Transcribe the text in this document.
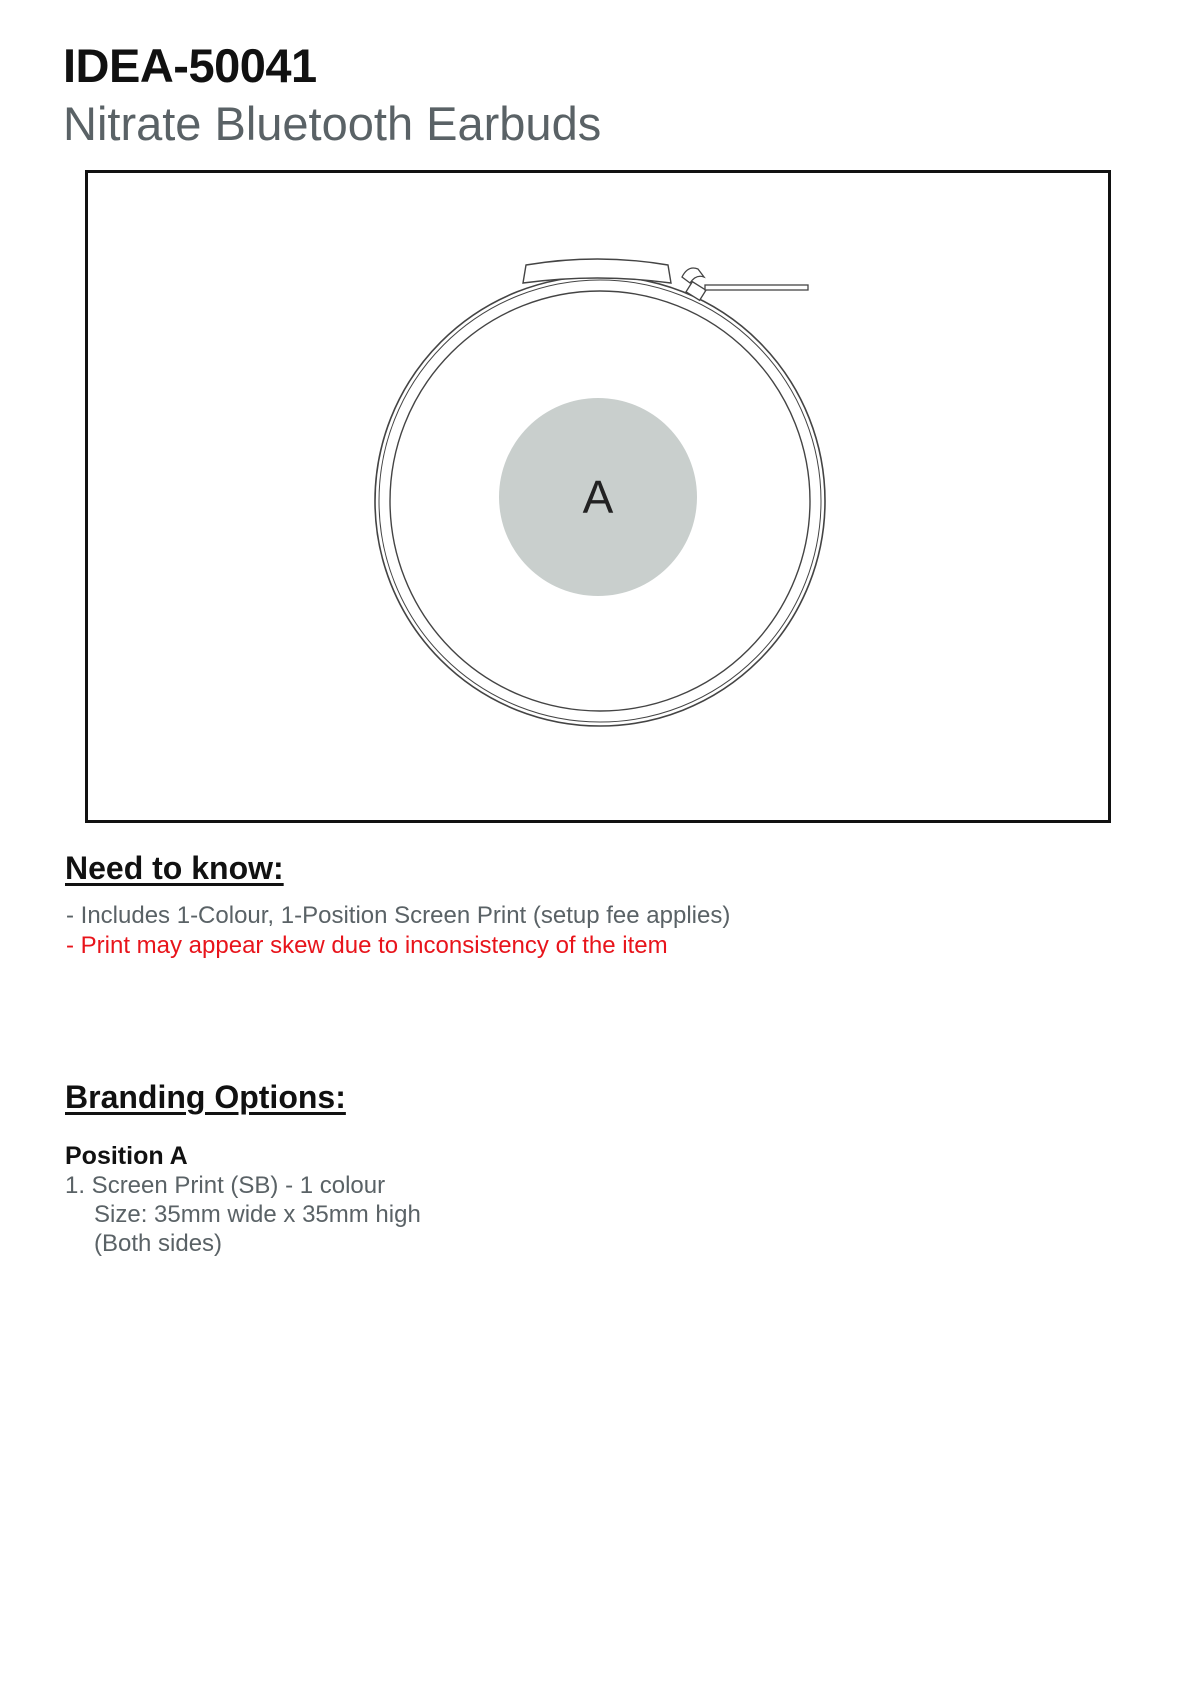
IDEA-50041
Nitrate Bluetooth Earbuds
A
Need to know:

- Includes 1-Colour, 1-Position Screen Print (setup fee applies)

- Print may appear skew due to inconsistency of the item

Branding Options:

Position A

1. Screen Print (SB) - 1 colour

Size: 35mm wide x 35mm high

(Both sides)
